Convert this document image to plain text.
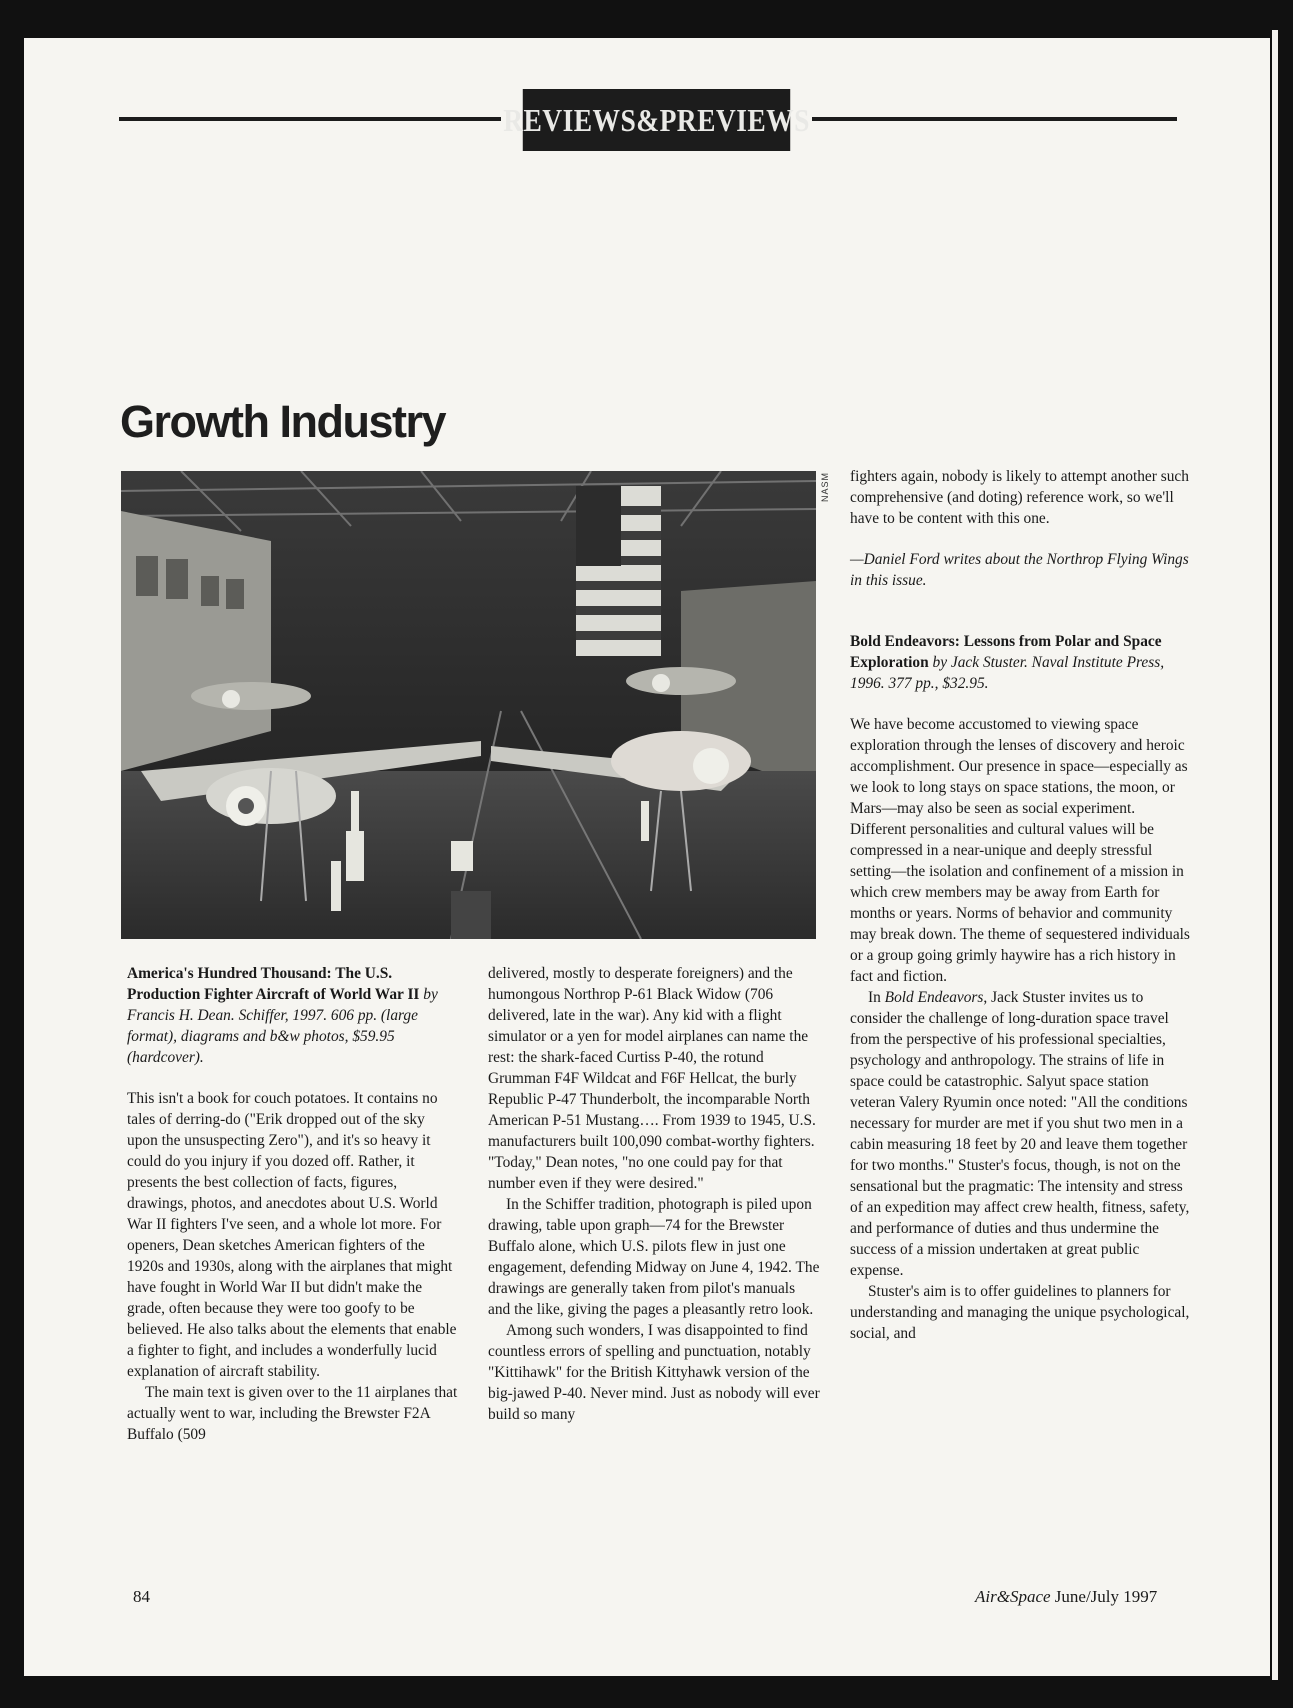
REVIEWS&PREVIEWS
Growth Industry
NASM

America's Hundred Thousand: The U.S. Production Fighter Aircraft of World War II by Francis H. Dean. Schiffer, 1997. 606 pp. (large format), diagrams and b&w photos, $59.95 (hardcover).

This isn't a book for couch potatoes. It contains no tales of derring-do ("Erik dropped out of the sky upon the unsuspecting Zero"), and it's so heavy it could do you injury if you dozed off. Rather, it presents the best collection of facts, figures, drawings, photos, and anecdotes about U.S. World War II fighters I've seen, and a whole lot more. For openers, Dean sketches American fighters of the 1920s and 1930s, along with the airplanes that might have fought in World War II but didn't make the grade, often because they were too goofy to be believed. He also talks about the elements that enable a fighter to fight, and includes a wonderfully lucid explanation of aircraft stability.

The main text is given over to the 11 airplanes that actually went to war, including the Brewster F2A Buffalo (509

delivered, mostly to desperate foreigners) and the humongous Northrop P-61 Black Widow (706 delivered, late in the war). Any kid with a flight simulator or a yen for model airplanes can name the rest: the shark-faced Curtiss P-40, the rotund Grumman F4F Wildcat and F6F Hellcat, the burly Republic P-47 Thunderbolt, the incomparable North American P-51 Mustang…. From 1939 to 1945, U.S. manufacturers built 100,090 combat-worthy fighters. "Today," Dean notes, "no one could pay for that number even if they were desired."

In the Schiffer tradition, photograph is piled upon drawing, table upon graph—74 for the Brewster Buffalo alone, which U.S. pilots flew in just one engagement, defending Midway on June 4, 1942. The drawings are generally taken from pilot's manuals and the like, giving the pages a pleasantly retro look.

Among such wonders, I was disappointed to find countless errors of spelling and punctuation, notably "Kittihawk" for the British Kittyhawk version of the big-jawed P-40. Never mind. Just as nobody will ever build so many

fighters again, nobody is likely to attempt another such comprehensive (and doting) reference work, so we'll have to be content with this one.

—Daniel Ford writes about the Northrop Flying Wings in this issue.

Bold Endeavors: Lessons from Polar and Space Exploration by Jack Stuster. Naval Institute Press, 1996. 377 pp., $32.95.

We have become accustomed to viewing space exploration through the lenses of discovery and heroic accomplishment. Our presence in space—especially as we look to long stays on space stations, the moon, or Mars—may also be seen as social experiment. Different personalities and cultural values will be compressed in a near-unique and deeply stressful setting—the isolation and confinement of a mission in which crew members may be away from Earth for months or years. Norms of behavior and community may break down. The theme of sequestered individuals or a group going grimly haywire has a rich history in fact and fiction.

In Bold Endeavors, Jack Stuster invites us to consider the challenge of long-duration space travel from the perspective of his professional specialties, psychology and anthropology. The strains of life in space could be catastrophic. Salyut space station veteran Valery Ryumin once noted: "All the conditions necessary for murder are met if you shut two men in a cabin measuring 18 feet by 20 and leave them together for two months." Stuster's focus, though, is not on the sensational but the pragmatic: The intensity and stress of an expedition may affect crew health, fitness, safety, and performance of duties and thus undermine the success of a mission undertaken at great public expense.

Stuster's aim is to offer guidelines to planners for understanding and managing the unique psychological, social, and

84	Air&Space June/July 1997
